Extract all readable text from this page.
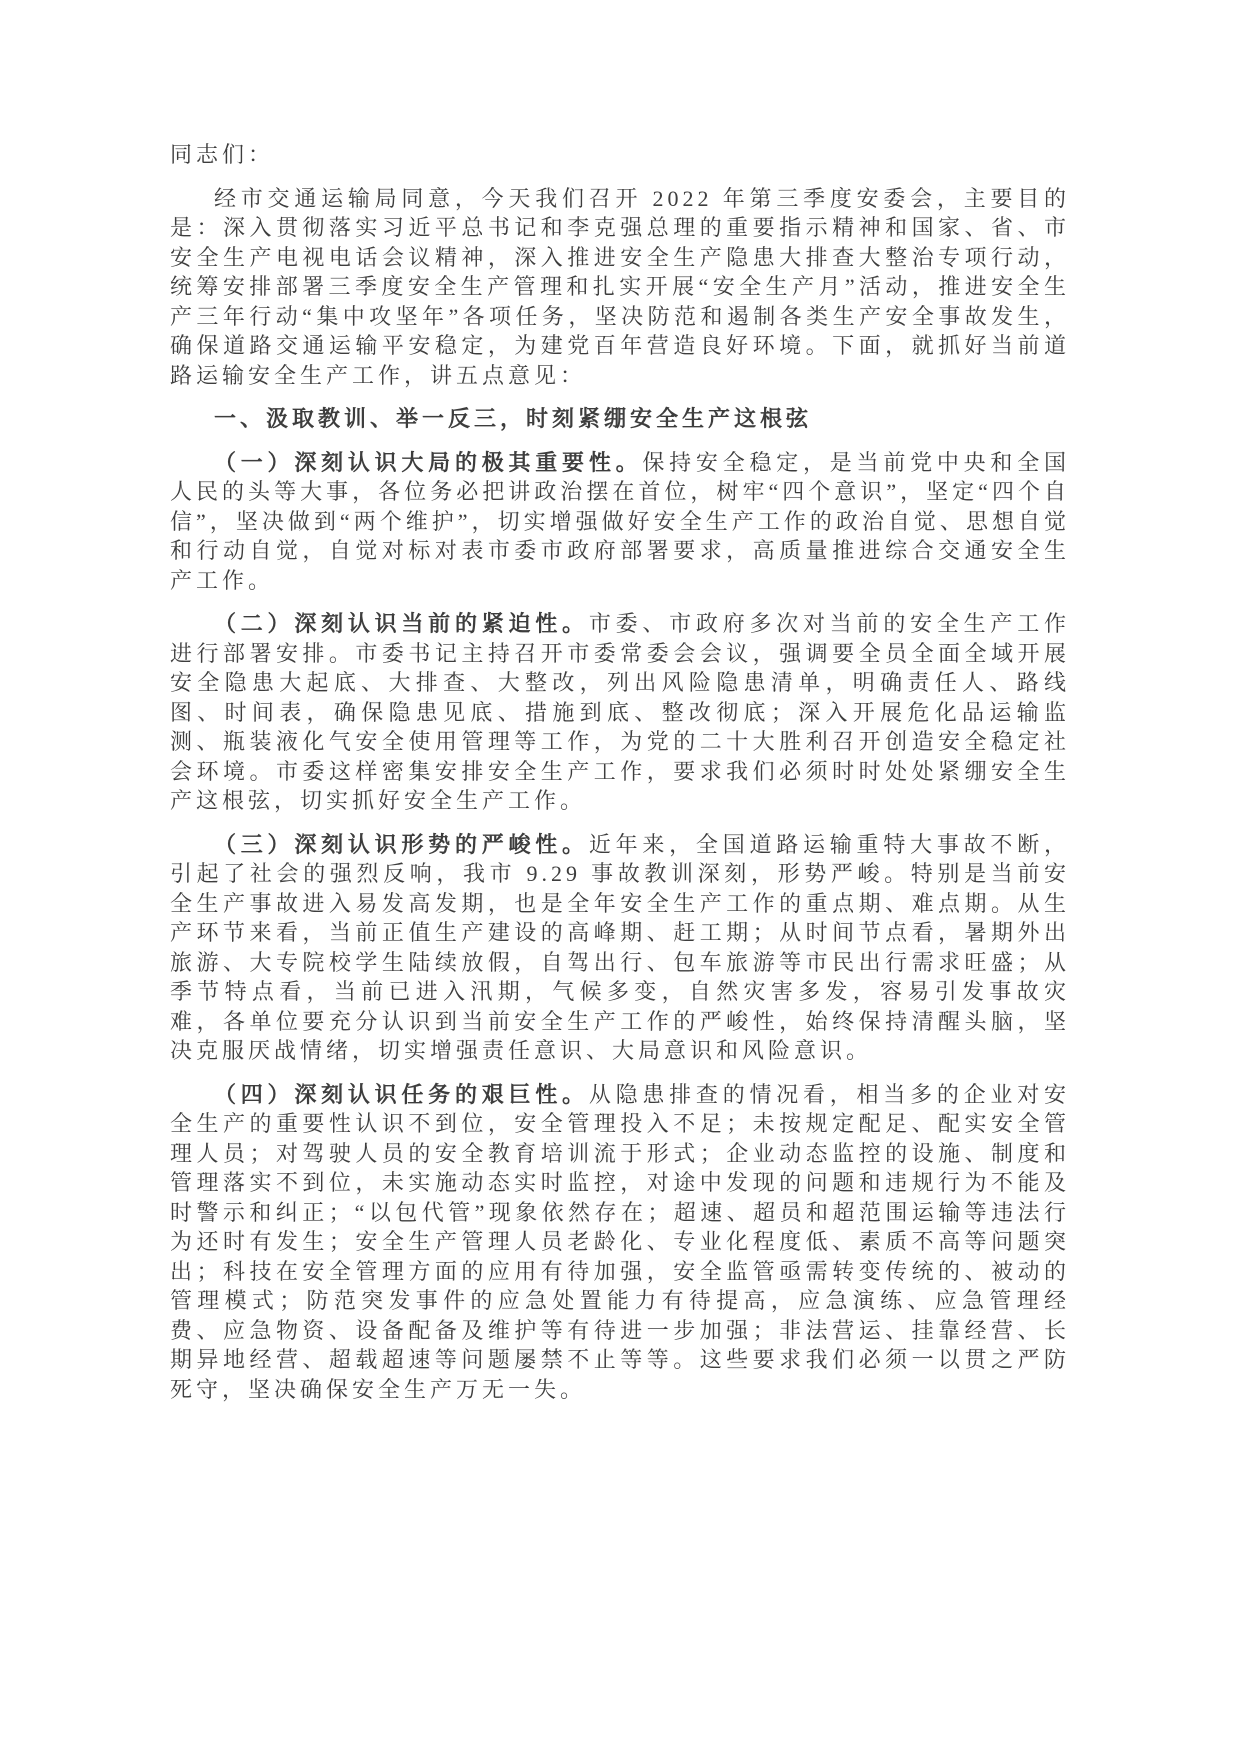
同志们：

经市交通运输局同意，今天我们召开 2022 年第三季度安委会，主要目的是：深入贯彻落实习近平总书记和李克强总理的重要指示精神和国家、省、市安全生产电视电话会议精神，深入推进安全生产隐患大排查大整治专项行动，统筹安排部署三季度安全生产管理和扎实开展“安全生产月”活动，推进安全生产三年行动“集中攻坚年”各项任务，坚决防范和遏制各类生产安全事故发生，确保道路交通运输平安稳定，为建党百年营造良好环境。下面，就抓好当前道路运输安全生产工作，讲五点意见：

一、汲取教训、举一反三，时刻紧绷安全生产这根弦

（一）深刻认识大局的极其重要性。保持安全稳定，是当前党中央和全国人民的头等大事，各位务必把讲政治摆在首位，树牢“四个意识”，坚定“四个自信”，坚决做到“两个维护”，切实增强做好安全生产工作的政治自觉、思想自觉和行动自觉，自觉对标对表市委市政府部署要求，高质量推进综合交通安全生产工作。

（二）深刻认识当前的紧迫性。市委、市政府多次对当前的安全生产工作进行部署安排。市委书记主持召开市委常委会会议，强调要全员全面全域开展安全隐患大起底、大排查、大整改，列出风险隐患清单，明确责任人、路线图、时间表，确保隐患见底、措施到底、整改彻底；深入开展危化品运输监测、瓶装液化气安全使用管理等工作，为党的二十大胜利召开创造安全稳定社会环境。市委这样密集安排安全生产工作，要求我们必须时时处处紧绷安全生产这根弦，切实抓好安全生产工作。

（三）深刻认识形势的严峻性。近年来，全国道路运输重特大事故不断，引起了社会的强烈反响，我市 9.29 事故教训深刻，形势严峻。特别是当前安全生产事故进入易发高发期，也是全年安全生产工作的重点期、难点期。从生产环节来看，当前正值生产建设的高峰期、赶工期；从时间节点看，暑期外出旅游、大专院校学生陆续放假，自驾出行、包车旅游等市民出行需求旺盛；从季节特点看，当前已进入汛期，气候多变，自然灾害多发，容易引发事故灾难，各单位要充分认识到当前安全生产工作的严峻性，始终保持清醒头脑，坚决克服厌战情绪，切实增强责任意识、大局意识和风险意识。

（四）深刻认识任务的艰巨性。从隐患排查的情况看，相当多的企业对安全生产的重要性认识不到位，安全管理投入不足；未按规定配足、配实安全管理人员；对驾驶人员的安全教育培训流于形式；企业动态监控的设施、制度和管理落实不到位，未实施动态实时监控，对途中发现的问题和违规行为不能及时警示和纠正；“以包代管”现象依然存在；超速、超员和超范围运输等违法行为还时有发生；安全生产管理人员老龄化、专业化程度低、素质不高等问题突出；科技在安全管理方面的应用有待加强，安全监管亟需转变传统的、被动的管理模式；防范突发事件的应急处置能力有待提高，应急演练、应急管理经费、应急物资、设备配备及维护等有待进一步加强；非法营运、挂靠经营、长期异地经营、超载超速等问题屡禁不止等等。这些要求我们必须一以贯之严防死守，坚决确保安全生产万无一失。
